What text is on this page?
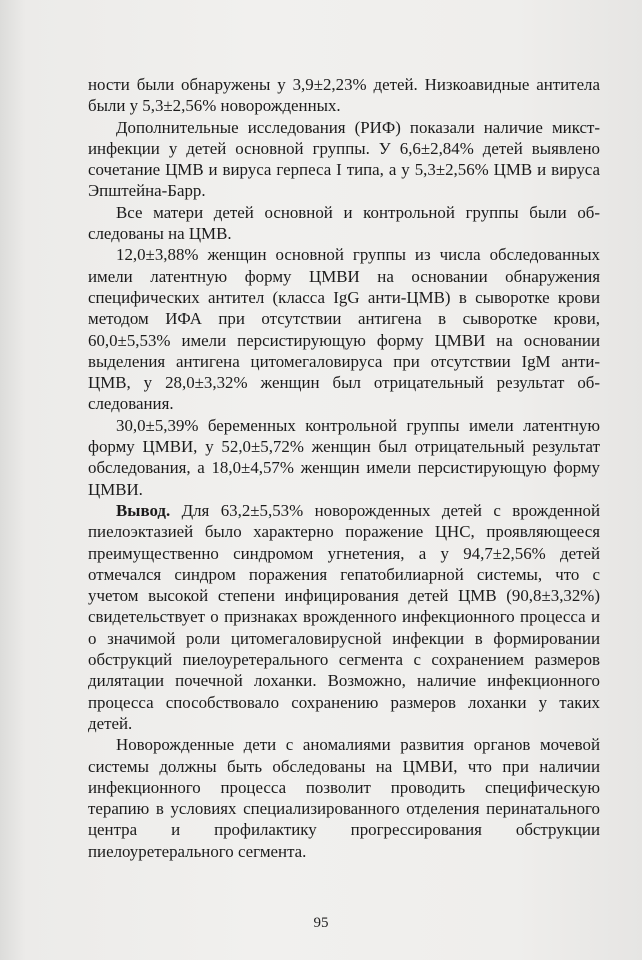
ности были обнаружены у 3,9±2,23% детей. Низкоавидные антитела были у 5,3±2,56% новорожденных.

Дополнительные исследования (РИФ) показали наличие микст-инфекции у детей основной группы. У 6,6±2,84% детей выявлено сочетание ЦМВ и вируса герпеса I типа, а у 5,3±2,56% ЦМВ и вируса Эпштейна-Барр.

Все матери детей основной и контрольной группы были обследованы на ЦМВ.

12,0±3,88% женщин основной группы из числа обследованных имели латентную форму ЦМВИ на основании обнаружения специфических антител (класса IgG анти-ЦМВ) в сыворотке крови методом ИФА при отсутствии антигена в сыворотке крови, 60,0±5,53% имели персистирующую форму ЦМВИ на основании выделения антигена цитомегаловируса при отсутствии IgM анти-ЦМВ, у 28,0±3,32% женщин был отрицательный результат обследования.

30,0±5,39% беременных контрольной группы имели латентную форму ЦМВИ, у 52,0±5,72% женщин был отрицательный результат обследования, а 18,0±4,57% женщин имели персистирующую форму ЦМВИ.

Вывод. Для 63,2±5,53% новорожденных детей с врожденной пиелоэктазией было характерно поражение ЦНС, проявляющееся преимущественно синдромом угнетения, а у 94,7±2,56% детей отмечался синдром поражения гепатобилиарной системы, что с учетом высокой степени инфицирования детей ЦМВ (90,8±3,32%) свидетельствует о признаках врожденного инфекционного процесса и о значимой роли цитомегаловирусной инфекции в формировании обструкций пиелоуретерального сегмента с сохранением размеров дилятации почечной лоханки. Возможно, наличие инфекционного процесса способствовало сохранению размеров лоханки у таких детей.

Новорожденные дети с аномалиями развития органов мочевой системы должны быть обследованы на ЦМВИ, что при наличии инфекционного процесса позволит проводить специфическую терапию в условиях специализированного отделения перинатального центра и профилактику прогрессирования обструкции пиелоуретерального сегмента.

95
